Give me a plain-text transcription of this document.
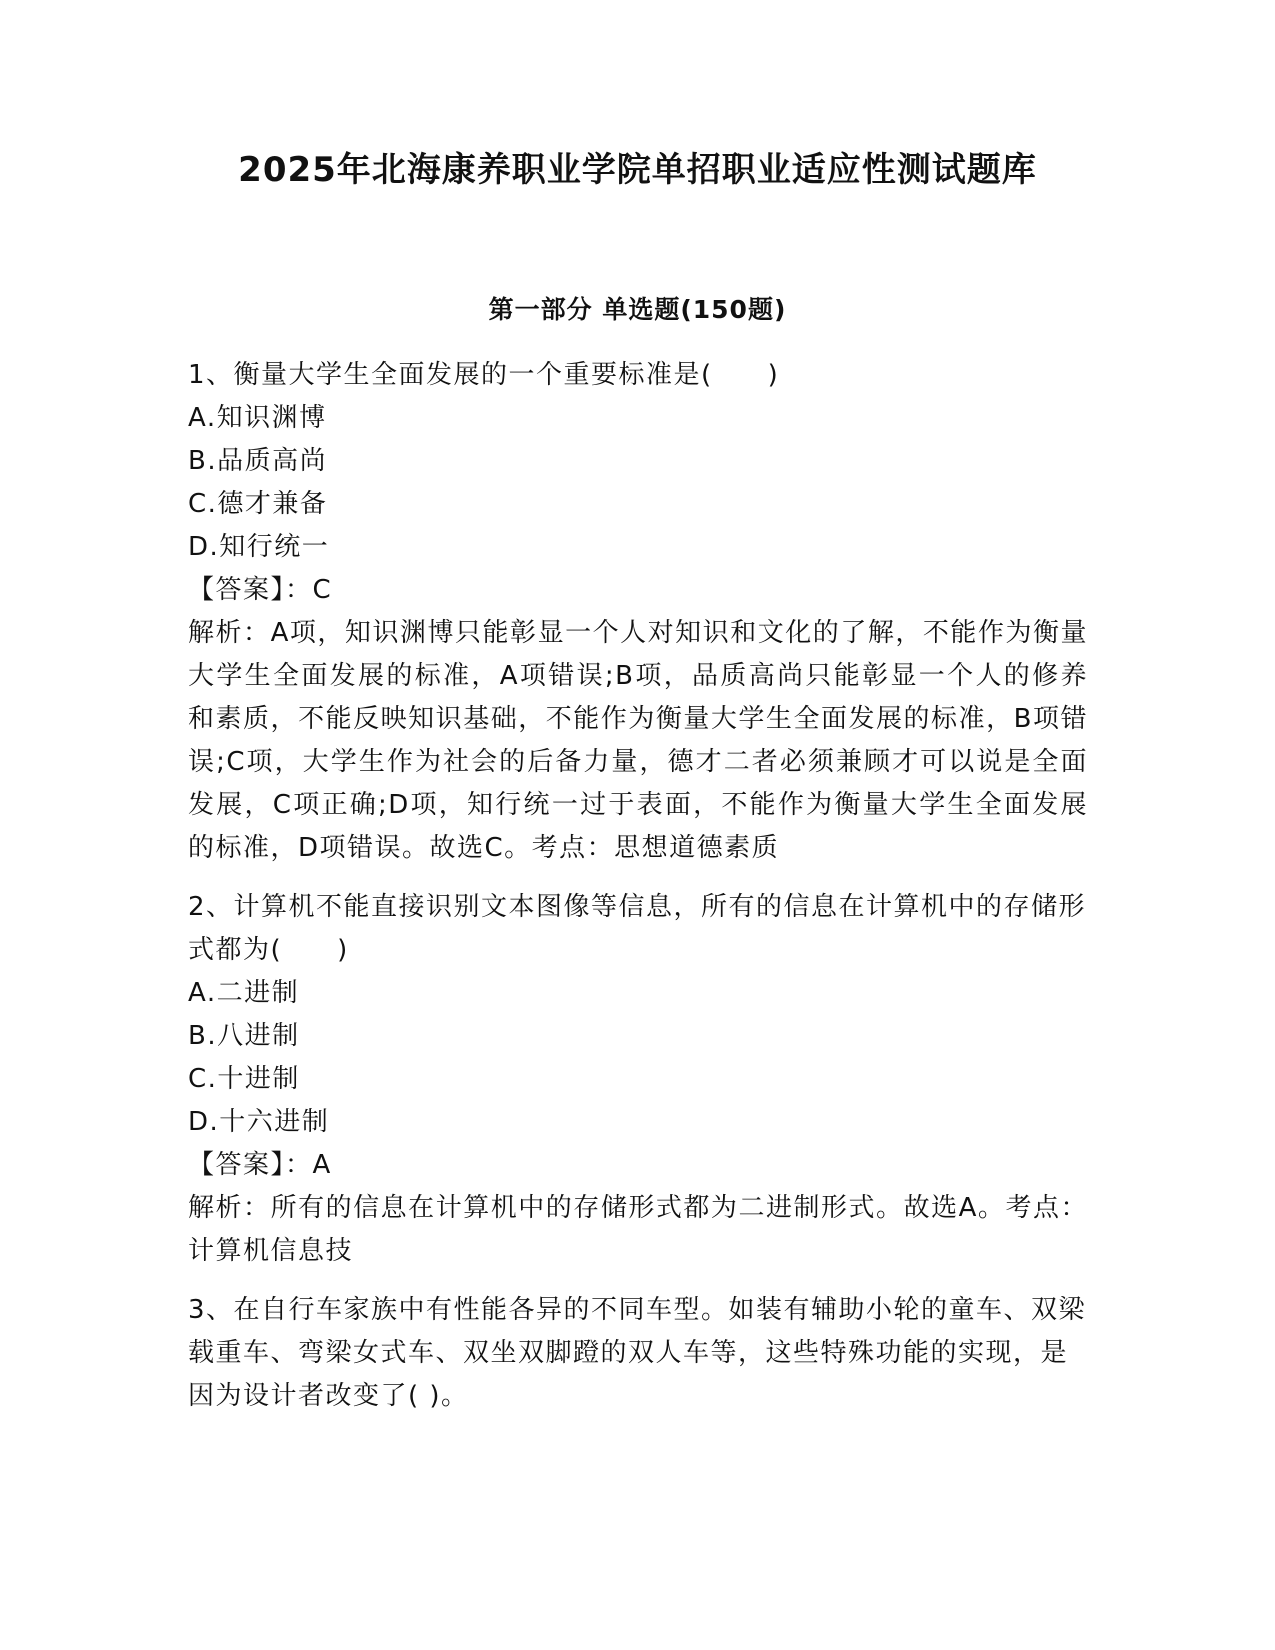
2025年北海康养职业学院单招职业适应性测试题库
第一部分 单选题(150题)

1、衡量大学生全面发展的一个重要标准是(　　)

A.知识渊博

B.品质高尚

C.德才兼备

D.知行统一

【答案】：C

解析：A项，知识渊博只能彰显一个人对知识和文化的了解，不能作为衡量大学生全面发展的标准，A项错误;B项，品质高尚只能彰显一个人的修养和素质，不能反映知识基础，不能作为衡量大学生全面发展的标准，B项错误;C项，大学生作为社会的后备力量，德才二者必须兼顾才可以说是全面发展，C项正确;D项，知行统一过于表面，不能作为衡量大学生全面发展的标准，D项错误。故选C。考点：思想道德素质

2、计算机不能直接识别文本图像等信息，所有的信息在计算机中的存储形式都为(　　)

A.二进制

B.八进制

C.十进制

D.十六进制

【答案】：A

解析：所有的信息在计算机中的存储形式都为二进制形式。故选A。考点：计算机信息技

3、在自行车家族中有性能各异的不同车型。如装有辅助小轮的童车、双梁载重车、弯梁女式车、双坐双脚蹬的双人车等，这些特殊功能的实现，是因为设计者改变了( )。
